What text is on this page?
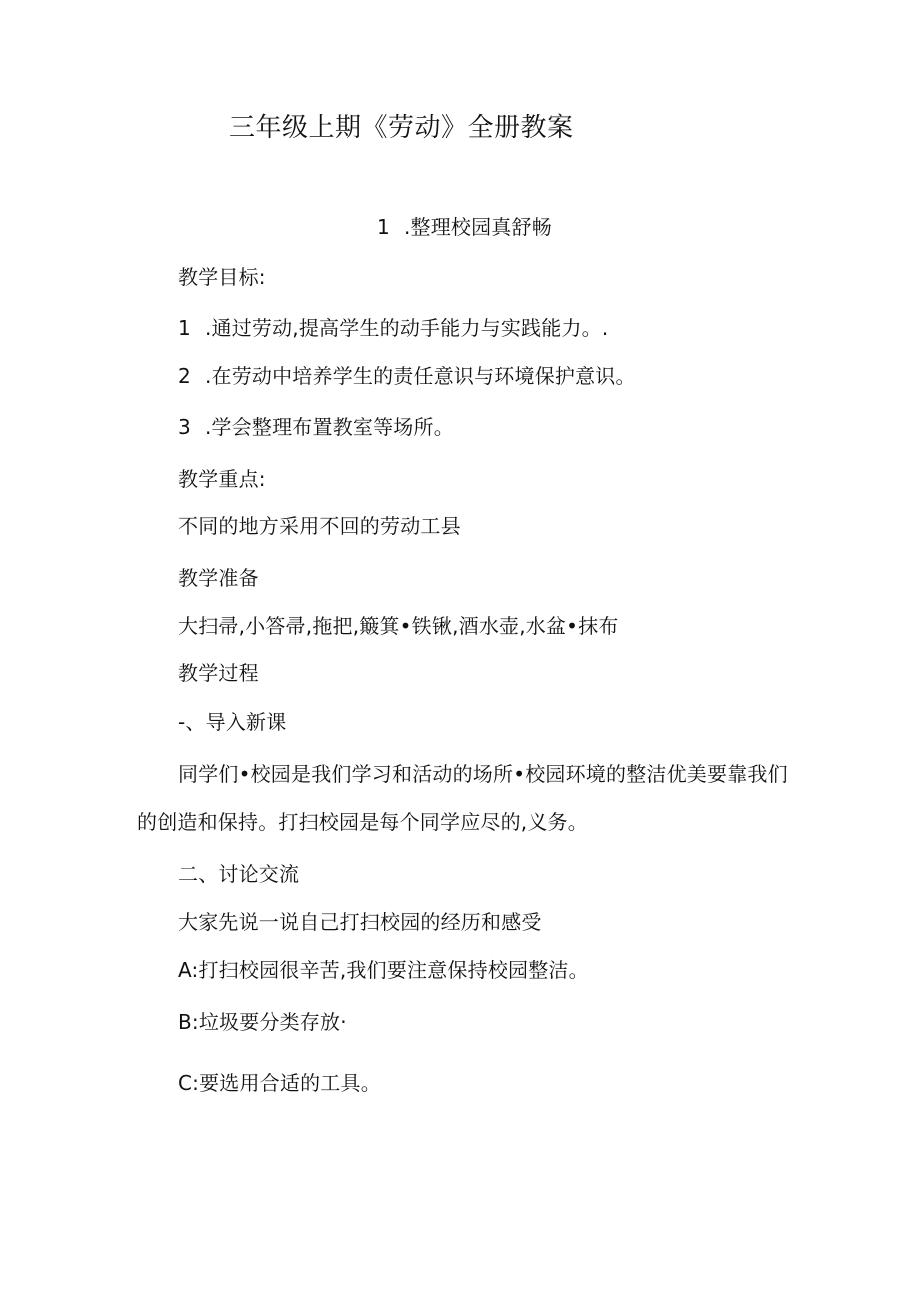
三年级上期《劳动》全册教案
1 .整理校园真舒畅
教学目标:
1 .通过劳动,提高学生的动手能力与实践能力。.
2 .在劳动中培养学生的责任意识与环境保护意识。
3 .学会整理布置教室等场所。
教学重点:
不同的地方采用不回的劳动工县
教学准备
大扫帚,小答帚,拖把,簸箕•铁锹,酒水壶,水盆•抹布
教学过程
-、导入新课
同学们•校园是我们学习和活动的场所•校园环境的整洁优美要靠我们
的创造和保持。打扫校园是每个同学应尽的,义务。
二、讨论交流
大家先说一说自己打扫校园的经历和感受
A:打扫校园很辛苦,我们要注意保持校园整洁。
B:垃圾要分类存放·
C:要选用合适的工具。
